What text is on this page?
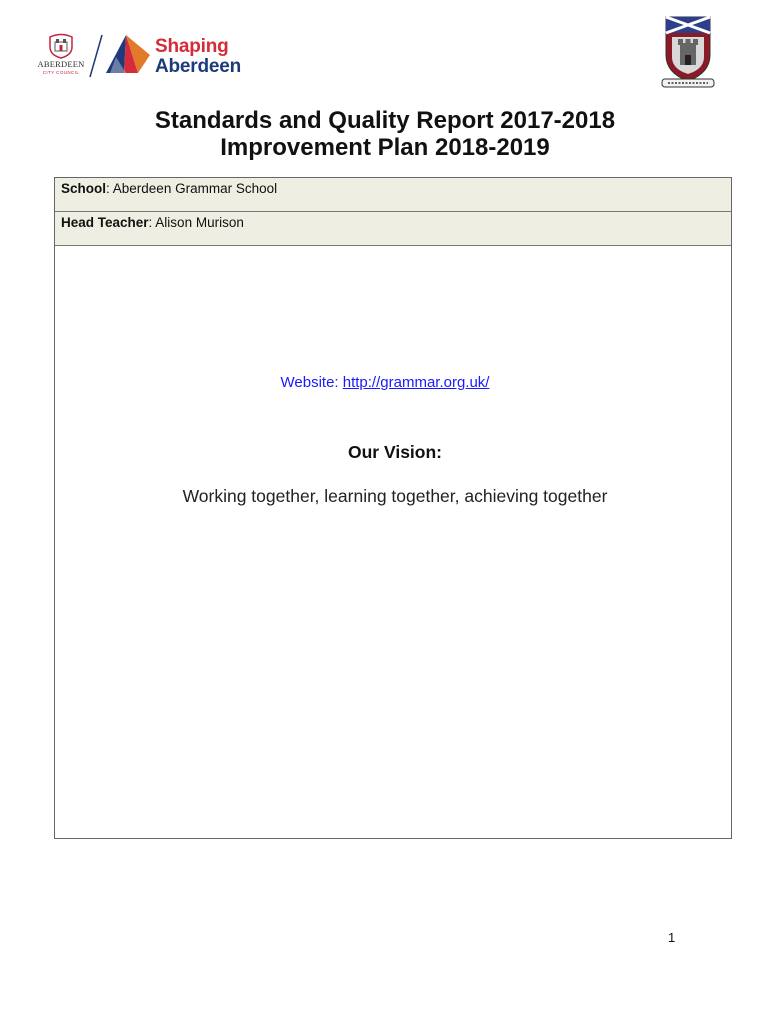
ABERDEEN
CITY COUNCIL
Shaping
Aberdeen
Standards and Quality Report 2017-2018
Improvement Plan 2018-2019
School: Aberdeen Grammar School
Head Teacher: Alison Murison
Website: http://grammar.org.uk/
Our Vision:
Working together, learning together, achieving together
1
